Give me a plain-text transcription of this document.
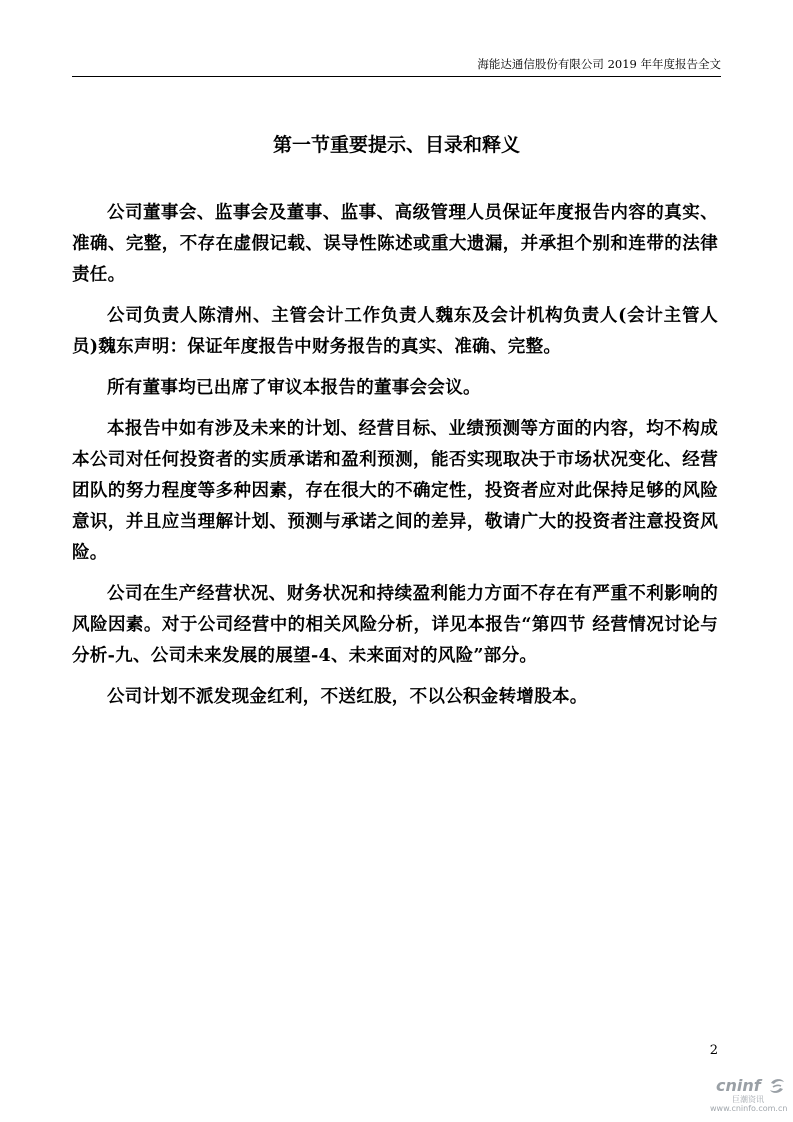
海能达通信股份有限公司 2019 年年度报告全文
第一节重要提示、目录和释义

公司董事会、监事会及董事、监事、高级管理人员保证年度报告内容的真实、准确、完整，不存在虚假记载、误导性陈述或重大遗漏，并承担个别和连带的法律责任。

公司负责人陈清州、主管会计工作负责人魏东及会计机构负责人(会计主管人员)魏东声明：保证年度报告中财务报告的真实、准确、完整。

所有董事均已出席了审议本报告的董事会会议。

本报告中如有涉及未来的计划、经营目标、业绩预测等方面的内容，均不构成本公司对任何投资者的实质承诺和盈利预测，能否实现取决于市场状况变化、经营团队的努力程度等多种因素，存在很大的不确定性，投资者应对此保持足够的风险意识，并且应当理解计划、预测与承诺之间的差异，敬请广大的投资者注意投资风险。

公司在生产经营状况、财务状况和持续盈利能力方面不存在有严重不利影响的风险因素。对于公司经营中的相关风险分析，详见本报告“第四节 经营情况讨论与分析-九、公司未来发展的展望-4、未来面对的风险”部分。

公司计划不派发现金红利，不送红股，不以公积金转增股本。

2
cninf
巨潮资讯
www.cninfo.com.cn
